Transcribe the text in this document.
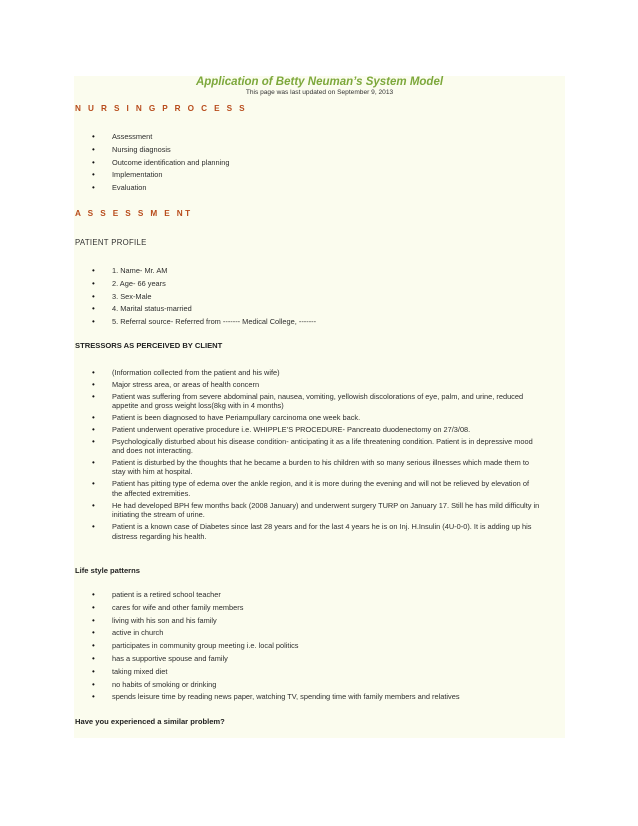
Application of Betty Neuman’s System Model
This page was last updated on September 9, 2013
N U R S I N G P R O C E S S
• Assessment
• Nursing diagnosis
• Outcome identification and planning
• Implementation
• Evaluation
A S S E S S M E NT
PATIENT PROFILE
• 1. Name- Mr. AM
• 2. Age- 66 years
• 3. Sex-Male
• 4. Marital status-married
• 5. Referral source- Referred from ------- Medical College, -------
STRESSORS AS PERCEIVED BY CLIENT
• (Information collected from the patient and his wife)
• Major stress area, or areas of health concern
• Patient was suffering from severe abdominal pain, nausea, vomiting, yellowish discolorations of eye, palm, and urine, reduced appetite and gross weight loss(8kg with in 4 months)
• Patient is been diagnosed to have Periampullary carcinoma one week back.
• Patient underwent operative procedure i.e. WHIPPLE’S PROCEDURE- Pancreato duodenectomy on 27/3/08.
• Psychologically disturbed about his disease condition- anticipating it as a life threatening condition. Patient is in depressive mood and does not interacting.
• Patient is disturbed by the thoughts that he became a burden to his children with so many serious illnesses which made them to stay with him at hospital.
• Patient has pitting type of edema over the ankle region, and it is more during the evening and will not be relieved by elevation of the affected extremities.
• He had developed BPH few months back (2008 January) and underwent surgery TURP on January 17. Still he has mild difficulty in initiating the stream of urine.
• Patient is a known case of Diabetes since last 28 years and for the last 4 years he is on Inj. H.Insulin (4U-0-0). It is adding up his distress regarding his health.
Life style patterns
• patient is a retired school teacher
• cares for wife and other family members
• living with his son and his family
• active in church
• participates in community group meeting i.e. local politics
• has a supportive spouse and family
• taking mixed diet
• no habits of smoking or drinking
• spends leisure time by reading news paper, watching TV, spending time with family members and relatives
Have you experienced a similar problem?
